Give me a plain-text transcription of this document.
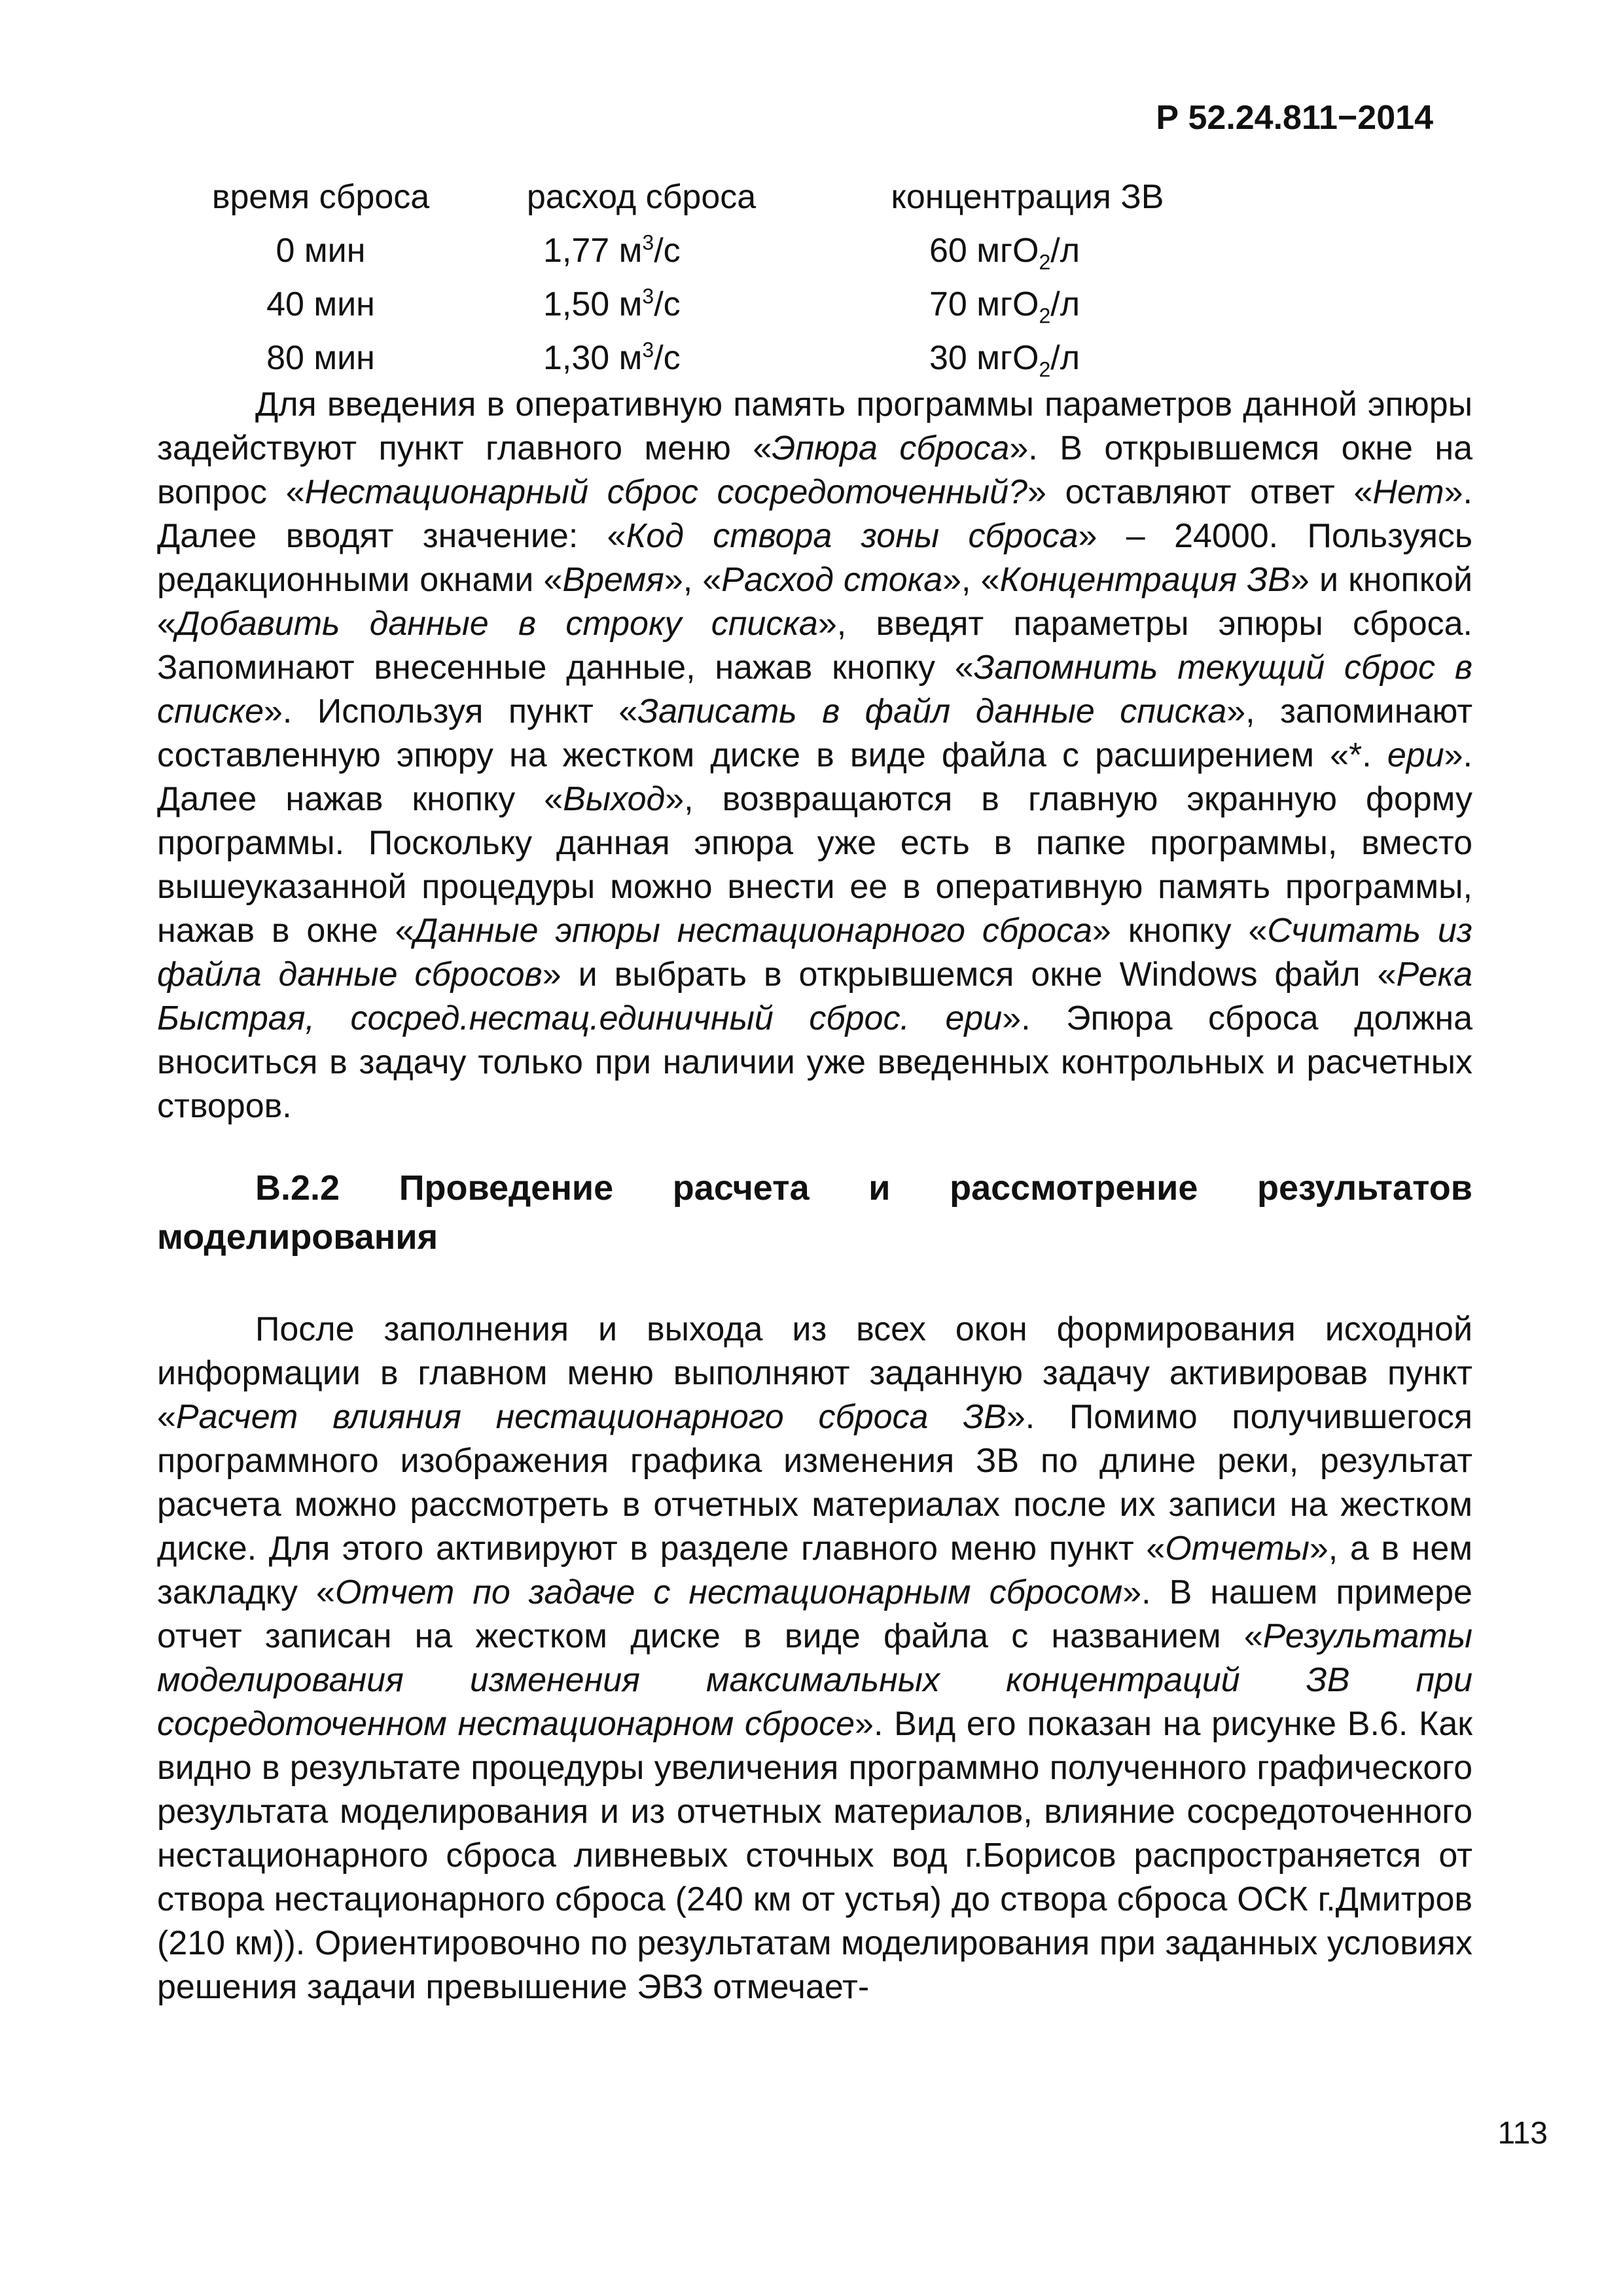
Р 52.24.811−2014
время сброса	расход сброса	концентрация ЗВ
0 мин	1,77 $м^3/с$	60 мгО$_2$/л
40 мин	1,50 $м^3/с$	70 мгО$_2$/л
80 мин	1,30 $м^3/с$	30 мгО$_2$/л

Для введения в оперативную память программы параметров данной эпюры задействуют пункт главного меню «Эпюра сброса». В открывшемся окне на вопрос «Нестационарный сброс сосредоточенный?» оставляют ответ «Нет». Далее вводят значение: «Код створа зоны сброса» – 24000. Пользуясь редакционными окнами «Время», «Расход стока», «Концентрация ЗВ» и кнопкой «Добавить данные в строку списка», введят параметры эпюры сброса. Запоминают внесенные данные, нажав кнопку «Запомнить текущий сброс в списке». Используя пункт «Записать в файл данные списка», запоминают составленную эпюру на жестком диске в виде файла с расширением «*. epu». Далее нажав кнопку «Выход», возвращаются в главную экранную форму программы. Поскольку данная эпюра уже есть в папке программы, вместо вышеуказанной процедуры можно внести ее в оперативную память программы, нажав в окне «Данные эпюры нестационарного сброса» кнопку «Считать из файла данные сбросов» и выбрать в открывшемся окне Windows файл «Река Быстрая, сосред.нестац.единичный сброс. epu». Эпюра сброса должна вноситься в задачу только при наличии уже введенных контрольных и расчетных створов.

В.2.2 Проведение расчета и рассмотрение результатов моделирования

После заполнения и выхода из всех окон формирования исходной информации в главном меню выполняют заданную задачу активировав пункт «Расчет влияния нестационарного сброса ЗВ». Помимо получившегося программного изображения графика изменения ЗВ по длине реки, результат расчета можно рассмотреть в отчетных материалах после их записи на жестком диске. Для этого активируют в разделе главного меню пункт «Отчеты», а в нем закладку «Отчет по задаче с нестационарным сбросом». В нашем примере отчет записан на жестком диске в виде файла с названием «Результаты моделирования изменения максимальных концентраций ЗВ при сосредоточенном нестационарном сбросе». Вид его показан на рисунке В.6. Как видно в результате процедуры увеличения программно полученного графического результата моделирования и из отчетных материалов, влияние сосредоточенного нестационарного сброса ливневых сточных вод г.Борисов распространяется от створа нестационарного сброса (240 км от устья) до створа сброса ОСК г.Дмитров (210 км)). Ориентировочно по результатам моделирования при заданных условиях решения задачи превышение ЭВЗ отмечает-

113
